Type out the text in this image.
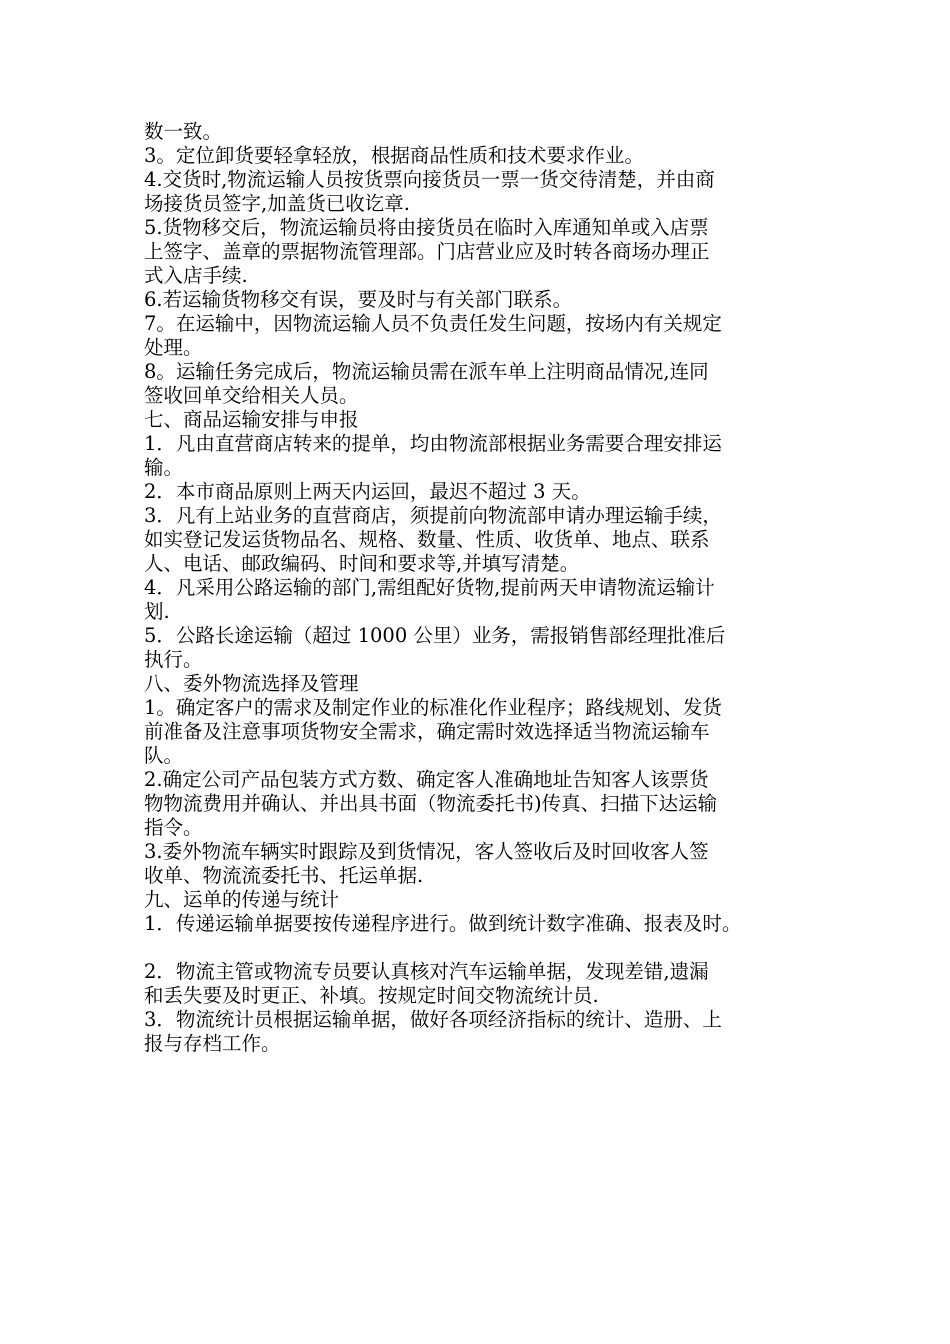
数一致。
3。定位卸货要轻拿轻放，根据商品性质和技术要求作业。
4.交货时,物流运输人员按货票向接货员一票一货交待清楚，并由商
场接货员签字,加盖货已收讫章.
5.货物移交后，物流运输员将由接货员在临时入库通知单或入店票
上签字、盖章的票据物流管理部。门店营业应及时转各商场办理正
式入店手续.
6.若运输货物移交有误，要及时与有关部门联系。
7。在运输中，因物流运输人员不负责任发生问题，按场内有关规定
处理。
8。运输任务完成后，物流运输员需在派车单上注明商品情况,连同
签收回单交给相关人员。
七、商品运输安排与申报
1．凡由直营商店转来的提单，均由物流部根据业务需要合理安排运
输。
2．本市商品原则上两天内运回，最迟不超过 3 天。
3．凡有上站业务的直营商店，须提前向物流部申请办理运输手续，
如实登记发运货物品名、规格、数量、性质、收货单、地点、联系
人、电话、邮政编码、时间和要求等,并填写清楚。
4．凡采用公路运输的部门,需组配好货物,提前两天申请物流运输计
划.
5．公路长途运输（超过 1000 公里）业务，需报销售部经理批准后
执行。
八、委外物流选择及管理
1。确定客户的需求及制定作业的标准化作业程序；路线规划、发货
前准备及注意事项货物安全需求，确定需时效选择适当物流运输车
队。
2.确定公司产品包装方式方数、确定客人准确地址告知客人该票货
物物流费用并确认、并出具书面（物流委托书)传真、扫描下达运输
指令。
3.委外物流车辆实时跟踪及到货情况，客人签收后及时回收客人签
收单、物流流委托书、托运单据.
九、运单的传递与统计
1．传递运输单据要按传递程序进行。做到统计数字准确、报表及时。
2．物流主管或物流专员要认真核对汽车运输单据，发现差错,遗漏
和丢失要及时更正、补填。按规定时间交物流统计员.
3．物流统计员根据运输单据，做好各项经济指标的统计、造册、上
报与存档工作。
